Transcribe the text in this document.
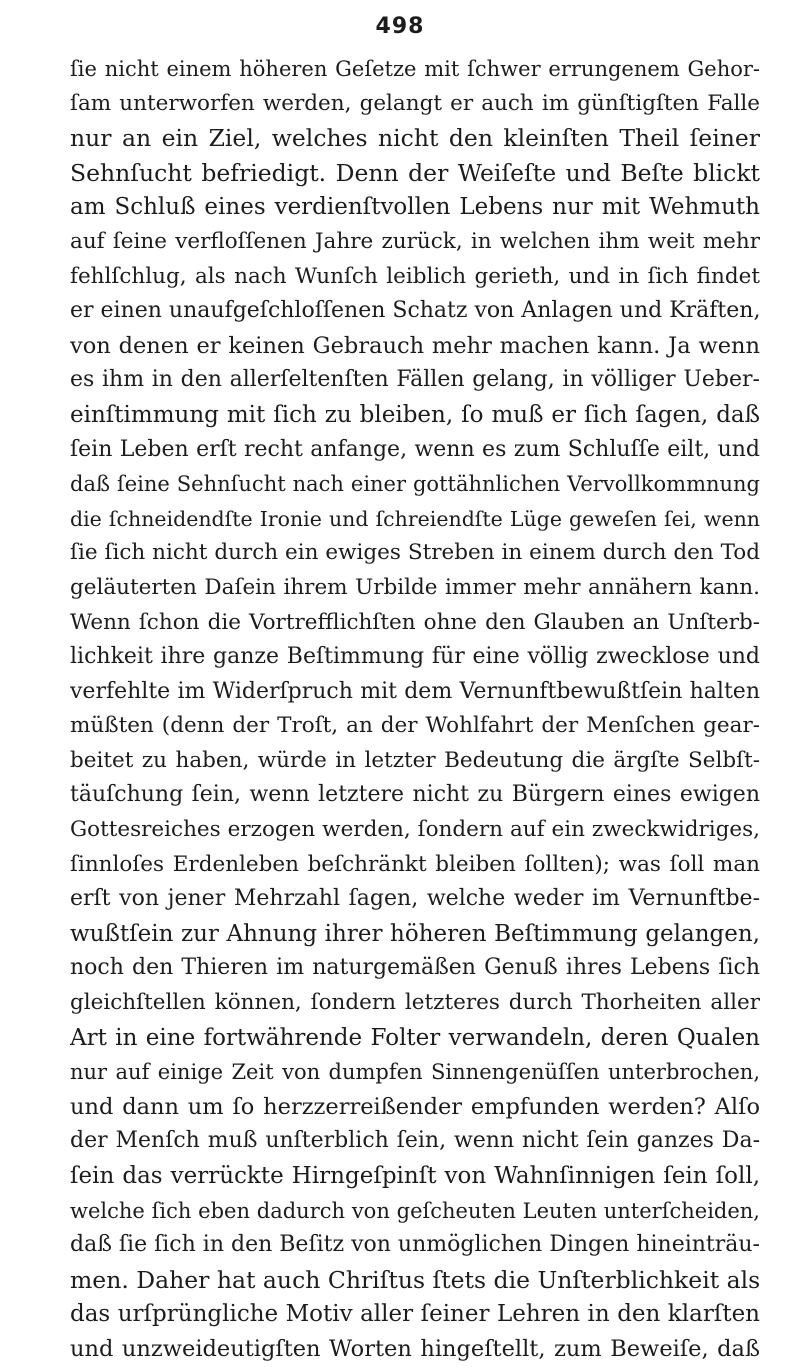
498
ſie nicht einem höheren Geſetze mit ſchwer errungenem Gehor-
ſam unterworfen werden, gelangt er auch im günſtigſten Falle
nur an ein Ziel, welches nicht den kleinſten Theil ſeiner
Sehnſucht befriedigt. Denn der Weiſeſte und Beſte blickt
am Schluß eines verdienſtvollen Lebens nur mit Wehmuth
auf ſeine verfloſſenen Jahre zurück, in welchen ihm weit mehr
fehlſchlug, als nach Wunſch leiblich gerieth, und in ſich findet
er einen unaufgeſchloſſenen Schatz von Anlagen und Kräften,
von denen er keinen Gebrauch mehr machen kann. Ja wenn
es ihm in den allerſeltenſten Fällen gelang, in völliger Ueber-
einſtimmung mit ſich zu bleiben, ſo muß er ſich ſagen, daß
ſein Leben erſt recht anfange, wenn es zum Schluſſe eilt, und
daß ſeine Sehnſucht nach einer gottähnlichen Vervollkommnung
die ſchneidendſte Ironie und ſchreiendſte Lüge geweſen ſei, wenn
ſie ſich nicht durch ein ewiges Streben in einem durch den Tod
geläuterten Daſein ihrem Urbilde immer mehr annähern kann.
Wenn ſchon die Vortrefflichſten ohne den Glauben an Unſterb-
lichkeit ihre ganze Beſtimmung für eine völlig zwecklose und
verfehlte im Widerſpruch mit dem Vernunftbewußtſein halten
müßten (denn der Troſt, an der Wohlfahrt der Menſchen gear-
beitet zu haben, würde in letzter Bedeutung die ärgſte Selbſt-
täuſchung ſein, wenn letztere nicht zu Bürgern eines ewigen
Gottesreiches erzogen werden, ſondern auf ein zweckwidriges,
ſinnloſes Erdenleben beſchränkt bleiben ſollten); was ſoll man
erſt von jener Mehrzahl ſagen, welche weder im Vernunftbe-
wußtſein zur Ahnung ihrer höheren Beſtimmung gelangen,
noch den Thieren im naturgemäßen Genuß ihres Lebens ſich
gleichſtellen können, ſondern letzteres durch Thorheiten aller
Art in eine fortwährende Folter verwandeln, deren Qualen
nur auf einige Zeit von dumpfen Sinnengenüſſen unterbrochen,
und dann um ſo herzzerreißender empfunden werden? Alſo
der Menſch muß unſterblich ſein, wenn nicht ſein ganzes Da-
ſein das verrückte Hirngeſpinſt von Wahnſinnigen ſein ſoll,
welche ſich eben dadurch von geſcheuten Leuten unterſcheiden,
daß ſie ſich in den Beſitz von unmöglichen Dingen hineinträu-
men. Daher hat auch Chriſtus ſtets die Unſterblichkeit als
das urſprüngliche Motiv aller ſeiner Lehren in den klarſten
und unzweideutigſten Worten hingeſtellt, zum Beweiſe, daß
